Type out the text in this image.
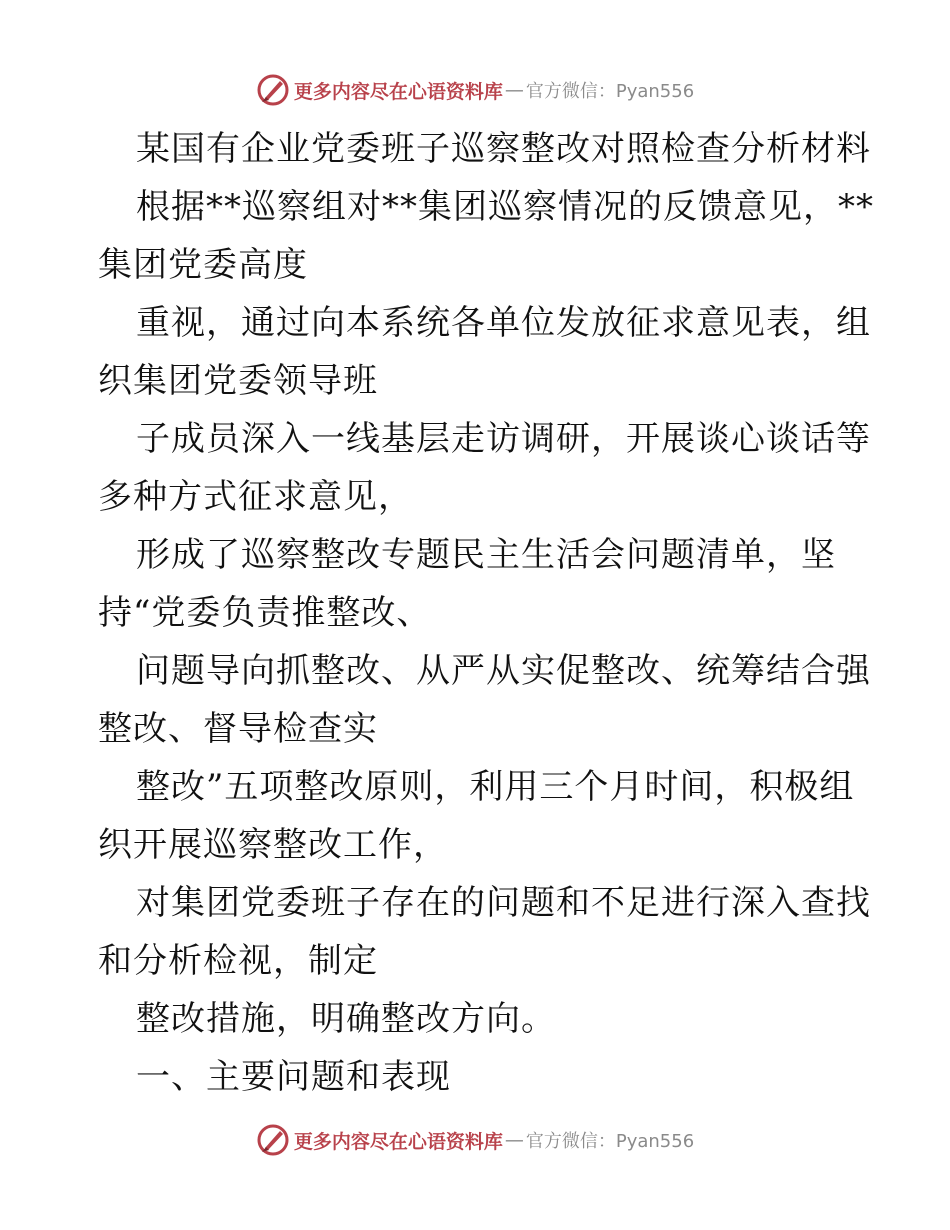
更多内容尽在心语资料库 — 官方微信：Pyan556
某国有企业党委班子巡察整改对照检查分析材料
根据**巡察组对**集团巡察情况的反馈意见，**
集团党委高度
重视，通过向本系统各单位发放征求意见表，组
织集团党委领导班
子成员深入一线基层走访调研，开展谈心谈话等
多种方式征求意见，
形成了巡察整改专题民主生活会问题清单，坚
持“党委负责推整改、
问题导向抓整改、从严从实促整改、统筹结合强
整改、督导检查实
整改”五项整改原则，利用三个月时间，积极组
织开展巡察整改工作，
对集团党委班子存在的问题和不足进行深入查找
和分析检视，制定
整改措施，明确整改方向。
一、主要问题和表现
更多内容尽在心语资料库 — 官方微信：Pyan556
